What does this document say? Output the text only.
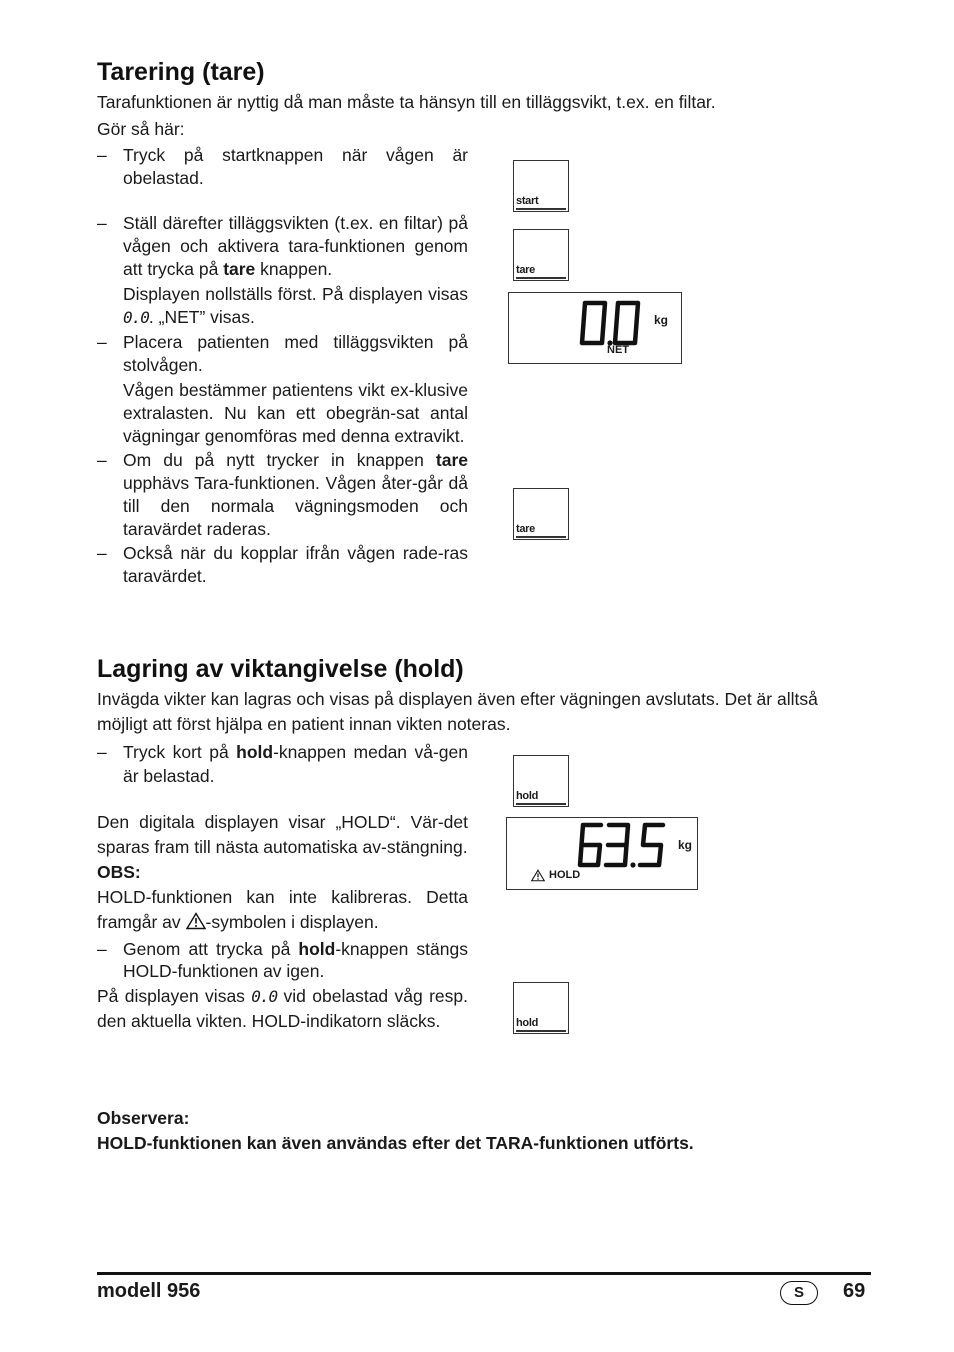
Tarering (tare)

Tarafunktionen är nyttig då man måste ta hänsyn till en tilläggsvikt, t.ex. en filtar.

Gör så här:

– Tryck på startknappen när vågen är obelastad.
– Ställ därefter tilläggsvikten (t.ex. en filtar) på vågen och aktivera tara-funktionen genom att trycka på tare knappen.
Displayen nollställs först. På displayen visas 0.0. „NET” visas.
– Placera patienten med tilläggsvikten på stolvågen.
Vågen bestämmer patientens vikt ex-klusive extralasten. Nu kan ett obegrän-sat antal vägningar genomföras med denna extravikt.
– Om du på nytt trycker in knappen tare upphävs Tara-funktionen. Vågen åter-går då till den normala vägningsmoden och taravärdet raderas.
– Också när du kopplar ifrån vågen rade-ras taravärdet.
start
tare
kg
NET
tare
Lagring av viktangivelse (hold)

Invägda vikter kan lagras och visas på displayen även efter vägningen avslutats. Det är alltså möjligt att först hjälpa en patient innan vikten noteras.

– Tryck kort på hold-knappen medan vå-gen är belastad.
Den digitala displayen visar „HOLD“. Vär-det sparas fram till nästa automatiska av-stängning.
OBS:
HOLD-funktionen kan inte kalibreras. Detta framgår av -symbolen i displayen.
– Genom att trycka på hold-knappen stängs HOLD-funktionen av igen.
På displayen visas 0.0 vid obelastad våg resp. den aktuella vikten. HOLD-indikatorn släcks.
hold
kg
HOLD
hold
Observera:
HOLD-funktionen kan även användas efter det TARA-funktionen utförts.
modell 956	S	69
